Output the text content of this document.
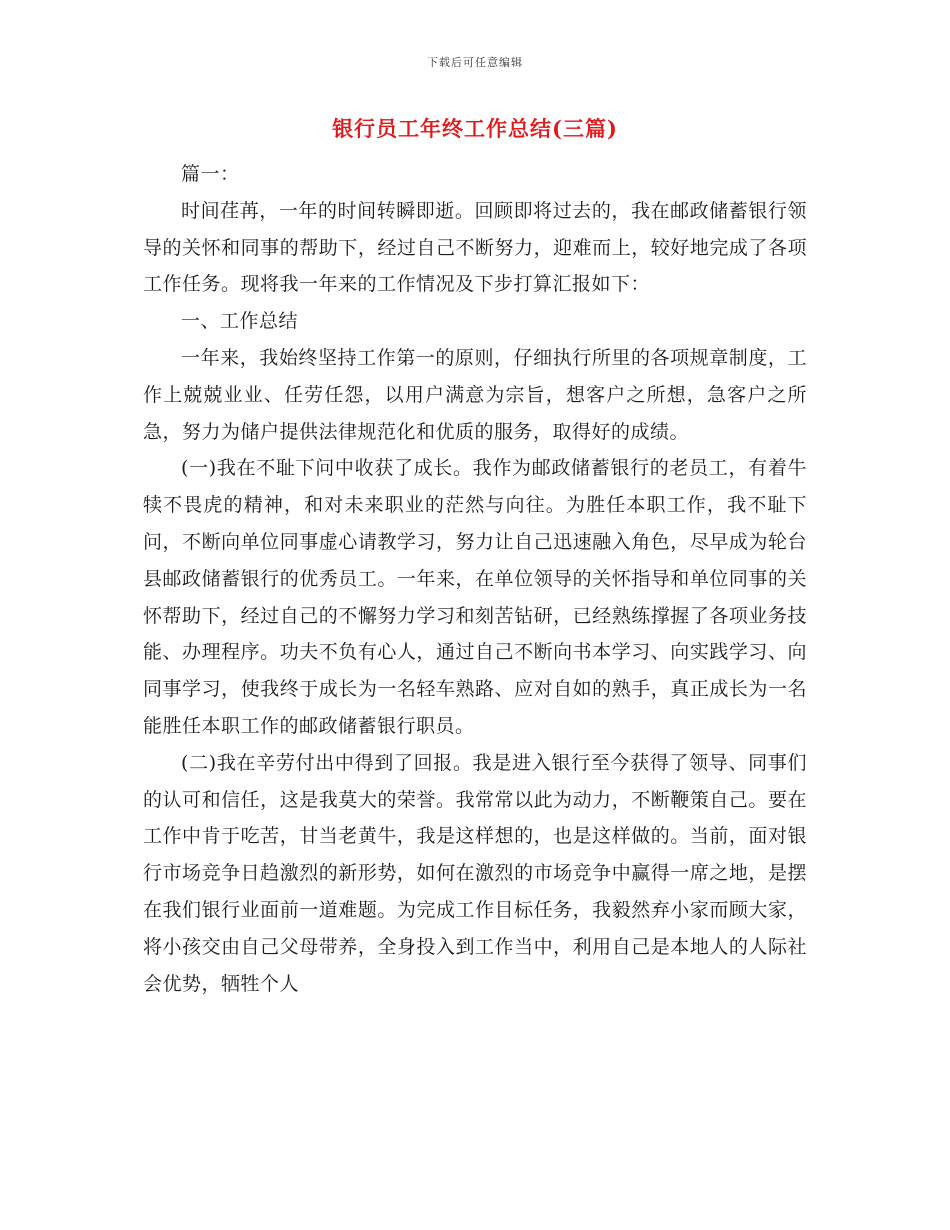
下载后可任意编辑
银行员工年终工作总结(三篇)

篇一：

时间荏苒，一年的时间转瞬即逝。回顾即将过去的，我在邮政储蓄银行领导的关怀和同事的帮助下，经过自己不断努力，迎难而上，较好地完成了各项工作任务。现将我一年来的工作情况及下步打算汇报如下：

一、工作总结

一年来，我始终坚持工作第一的原则，仔细执行所里的各项规章制度，工作上兢兢业业、任劳任怨，以用户满意为宗旨，想客户之所想，急客户之所急，努力为储户提供法律规范化和优质的服务，取得好的成绩。

(一)我在不耻下问中收获了成长。我作为邮政储蓄银行的老员工，有着牛犊不畏虎的精神，和对未来职业的茫然与向往。为胜任本职工作，我不耻下问，不断向单位同事虚心请教学习，努力让自己迅速融入角色，尽早成为轮台县邮政储蓄银行的优秀员工。一年来，在单位领导的关怀指导和单位同事的关怀帮助下，经过自己的不懈努力学习和刻苦钻研，已经熟练撑握了各项业务技能、办理程序。功夫不负有心人，通过自己不断向书本学习、向实践学习、向同事学习，使我终于成长为一名轻车熟路、应对自如的熟手，真正成长为一名能胜任本职工作的邮政储蓄银行职员。

(二)我在辛劳付出中得到了回报。我是进入银行至今获得了领导、同事们的认可和信任，这是我莫大的荣誉。我常常以此为动力，不断鞭策自己。要在工作中肯于吃苦，甘当老黄牛，我是这样想的，也是这样做的。当前，面对银行市场竞争日趋激烈的新形势，如何在激烈的市场竞争中赢得一席之地，是摆在我们银行业面前一道难题。为完成工作目标任务，我毅然弃小家而顾大家，将小孩交由自己父母带养，全身投入到工作当中，利用自己是本地人的人际社会优势，牺牲个人
